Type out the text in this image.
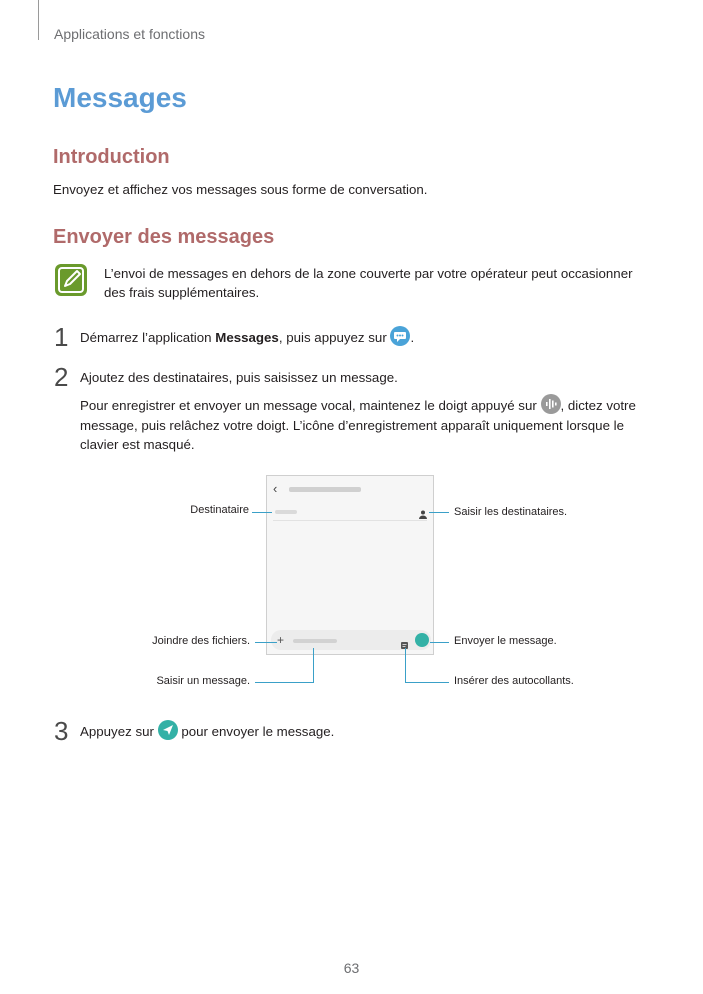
Applications et fonctions
Messages
Introduction
Envoyez et affichez vos messages sous forme de conversation.
Envoyer des messages
L’envoi de messages en dehors de la zone couverte par votre opérateur peut occasionner des frais supplémentaires.
1 Démarrez l’application Messages, puis appuyez sur .
2 Ajoutez des destinataires, puis saisissez un message.
Pour enregistrer et envoyer un message vocal, maintenez le doigt appuyé sur , dictez votre message, puis relâchez votre doigt. L’icône d’enregistrement apparaît uniquement lorsque le clavier est masqué.
‹
+
Destinataire	Saisir les destinataires.
Joindre des fichiers.	Envoyer le message.
Saisir un message.	Insérer des autocollants.
3 Appuyez sur  pour envoyer le message.
63
